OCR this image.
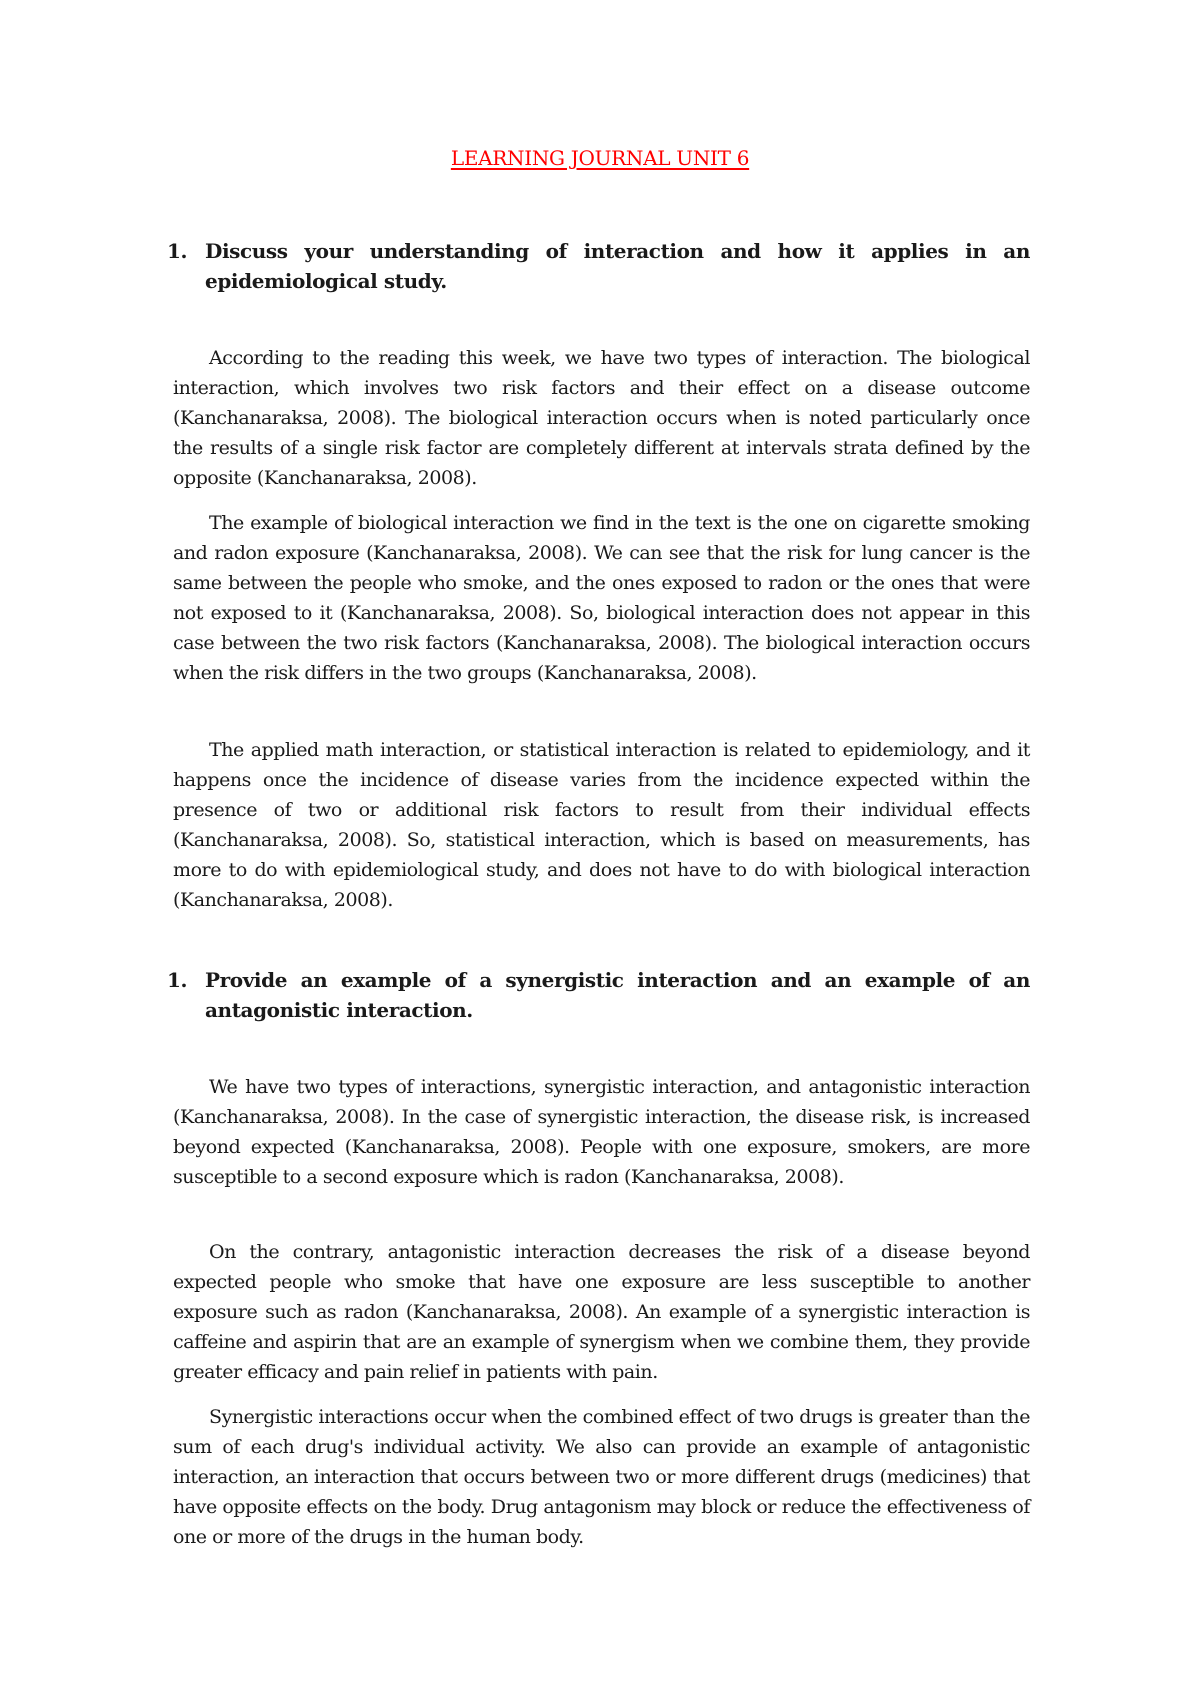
LEARNING JOURNAL UNIT 6
1. Discuss your understanding of interaction and how it applies in an epidemiological study.

According to the reading this week, we have two types of interaction. The biological interaction, which involves two risk factors and their effect on a disease outcome (Kanchanaraksa, 2008). The biological interaction occurs when is noted particularly once the results of a single risk factor are completely different at intervals strata defined by the opposite (Kanchanaraksa, 2008).

The example of biological interaction we find in the text is the one on cigarette smoking and radon exposure (Kanchanaraksa, 2008). We can see that the risk for lung cancer is the same between the people who smoke, and the ones exposed to radon or the ones that were not exposed to it (Kanchanaraksa, 2008). So, biological interaction does not appear in this case between the two risk factors (Kanchanaraksa, 2008). The biological interaction occurs when the risk differs in the two groups (Kanchanaraksa, 2008).

The applied math interaction, or statistical interaction is related to epidemiology, and it happens once the incidence of disease varies from the incidence expected within the presence of two or additional risk factors to result from their individual effects (Kanchanaraksa, 2008). So, statistical interaction, which is based on measurements, has more to do with epidemiological study, and does not have to do with biological interaction (Kanchanaraksa, 2008).

1. Provide an example of a synergistic interaction and an example of an antagonistic interaction.

We have two types of interactions, synergistic interaction, and antagonistic interaction (Kanchanaraksa, 2008). In the case of synergistic interaction, the disease risk, is increased beyond expected (Kanchanaraksa, 2008). People with one exposure, smokers, are more susceptible to a second exposure which is radon (Kanchanaraksa, 2008).

On the contrary, antagonistic interaction decreases the risk of a disease beyond expected people who smoke that have one exposure are less susceptible to another exposure such as radon (Kanchanaraksa, 2008). An example of a synergistic interaction is caffeine and aspirin that are an example of synergism when we combine them, they provide greater efficacy and pain relief in patients with pain.

Synergistic interactions occur when the combined effect of two drugs is greater than the sum of each drug's individual activity. We also can provide an example of antagonistic interaction, an interaction that occurs between two or more different drugs (medicines) that have opposite effects on the body. Drug antagonism may block or reduce the effectiveness of one or more of the drugs in the human body.
